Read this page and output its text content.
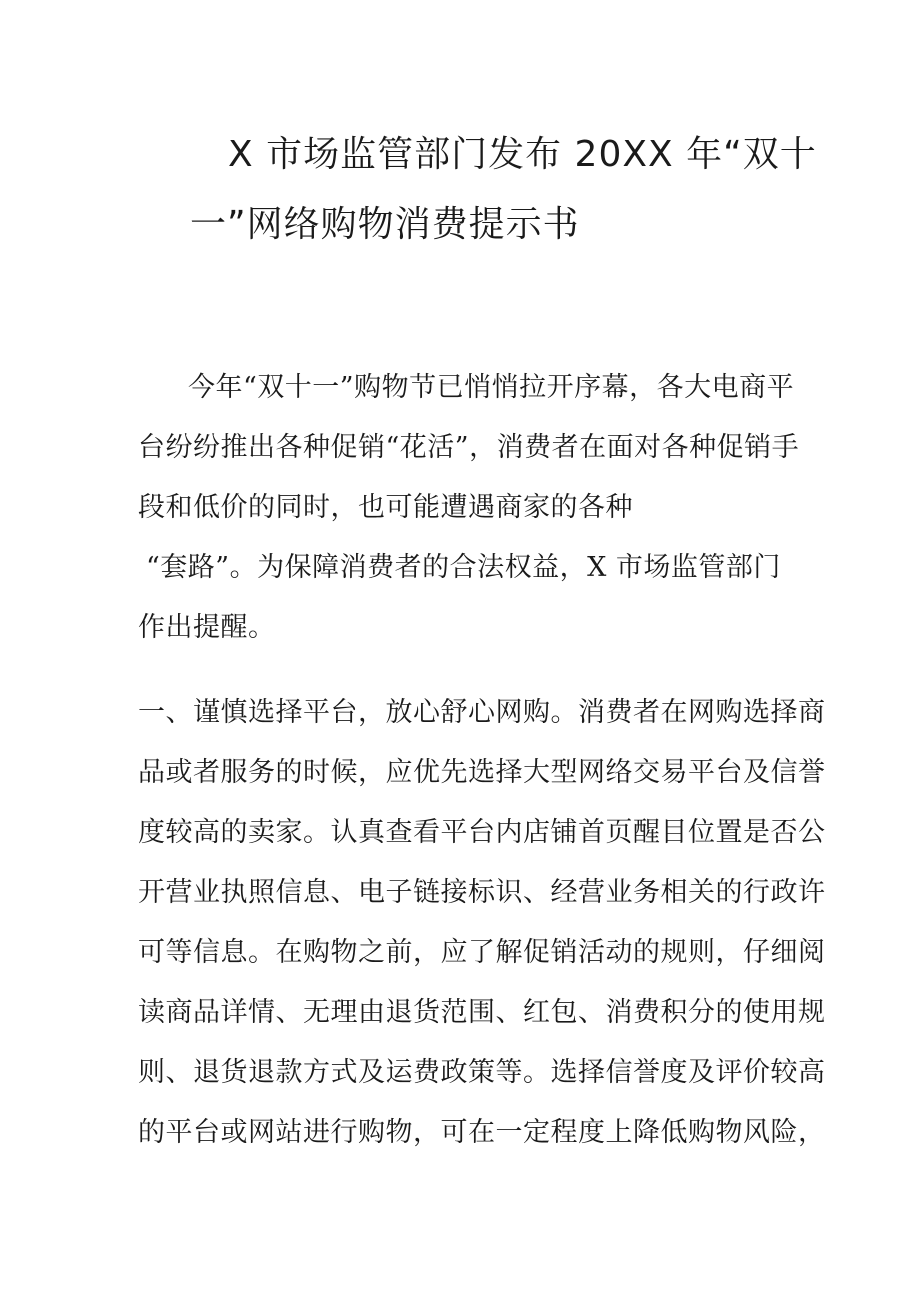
X 市场监管部门发布 20XX 年“双十
一”网络购物消费提示书
今年“双十一”购物节已悄悄拉开序幕，各大电商平
台纷纷推出各种促销“花活”，消费者在面对各种促销手
段和低价的同时，也可能遭遇商家的各种
“套路”。为保障消费者的合法权益，X 市场监管部门
作出提醒。
一、谨慎选择平台，放心舒心网购。消费者在网购选择商
品或者服务的时候，应优先选择大型网络交易平台及信誉
度较高的卖家。认真查看平台内店铺首页醒目位置是否公
开营业执照信息、电子链接标识、经营业务相关的行政许
可等信息。在购物之前，应了解促销活动的规则，仔细阅
读商品详情、无理由退货范围、红包、消费积分的使用规
则、退货退款方式及运费政策等。选择信誉度及评价较高
的平台或网站进行购物，可在一定程度上降低购物风险，
